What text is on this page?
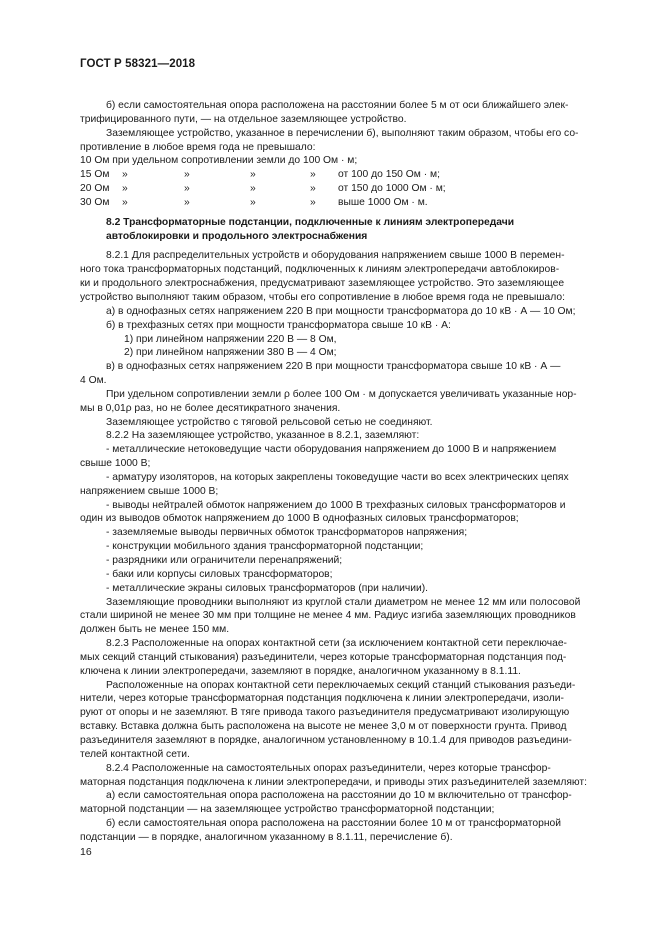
ГОСТ Р 58321—2018
б) если самостоятельная опора расположена на расстоянии более 5 м от оси ближайшего элек-
трифицированного пути, — на отдельное заземляющее устройство.
Заземляющее устройство, указанное в перечислении б), выполняют таким образом, чтобы его со-
противление в любое время года не превышало:
10 Ом при удельном сопротивлении земли до 100 Ом · м;
15 Ом »	»	»	» от 100 до 150 Ом · м;
20 Ом »	»	»	» от 150 до 1000 Ом · м;
30 Ом »	»	»	» выше 1000 Ом · м.
8.2 Трансформаторные подстанции, подключенные к линиям электропередачи
автоблокировки и продольного электроснабжения
8.2.1 Для распределительных устройств и оборудования напряжением свыше 1000 В перемен-
ного тока трансформаторных подстанций, подключенных к линиям электропередачи автоблокиров-
ки и продольного электроснабжения, предусматривают заземляющее устройство. Это заземляющее
устройство выполняют таким образом, чтобы его сопротивление в любое время года не превышало:
а) в однофазных сетях напряжением 220 В при мощности трансформатора до 10 кВ · А — 10 Ом;
б) в трехфазных сетях при мощности трансформатора свыше 10 кВ · А:
1) при линейном напряжении 220 В — 8 Ом,
2) при линейном напряжении 380 В — 4 Ом;
в) в однофазных сетях напряжением 220 В при мощности трансформатора свыше 10 кВ · А —
4 Ом.
При удельном сопротивлении земли ρ более 100 Ом · м допускается увеличивать указанные нор-
мы в 0,01ρ раз, но не более десятикратного значения.
Заземляющее устройство с тяговой рельсовой сетью не соединяют.
8.2.2 На заземляющее устройство, указанное в 8.2.1, заземляют:
- металлические нетоковедущие части оборудования напряжением до 1000 В и напряжением
свыше 1000 В;
- арматуру изоляторов, на которых закреплены токоведущие части во всех электрических цепях
напряжением свыше 1000 В;
- выводы нейтралей обмоток напряжением до 1000 В трехфазных силовых трансформаторов и
один из выводов обмоток напряжением до 1000 В однофазных силовых трансформаторов;
- заземляемые выводы первичных обмоток трансформаторов напряжения;
- конструкции мобильного здания трансформаторной подстанции;
- разрядники или ограничители перенапряжений;
- баки или корпусы силовых трансформаторов;
- металлические экраны силовых трансформаторов (при наличии).
Заземляющие проводники выполняют из круглой стали диаметром не менее 12 мм или полосовой
стали шириной не менее 30 мм при толщине не менее 4 мм. Радиус изгиба заземляющих проводников
должен быть не менее 150 мм.
8.2.3 Расположенные на опорах контактной сети (за исключением контактной сети переключае-
мых секций станций стыкования) разъединители, через которые трансформаторная подстанция под-
ключена к линии электропередачи, заземляют в порядке, аналогичном указанному в 8.1.11.
Расположенные на опорах контактной сети переключаемых секций станций стыкования разъеди-
нители, через которые трансформаторная подстанция подключена к линии электропередачи, изоли-
руют от опоры и не заземляют. В тяге привода такого разъединителя предусматривают изолирующую
вставку. Вставка должна быть расположена на высоте не менее 3,0 м от поверхности грунта. Привод
разъединителя заземляют в порядке, аналогичном установленному в 10.1.4 для приводов разъедини-
телей контактной сети.
8.2.4 Расположенные на самостоятельных опорах разъединители, через которые трансфор-
маторная подстанция подключена к линии электропередачи, и приводы этих разъединителей заземляют:
а) если самостоятельная опора расположена на расстоянии до 10 м включительно от трансфор-
маторной подстанции — на заземляющее устройство трансформаторной подстанции;
б) если самостоятельная опора расположена на расстоянии более 10 м от трансформаторной
подстанции — в порядке, аналогичном указанному в 8.1.11, перечисление б).
16
